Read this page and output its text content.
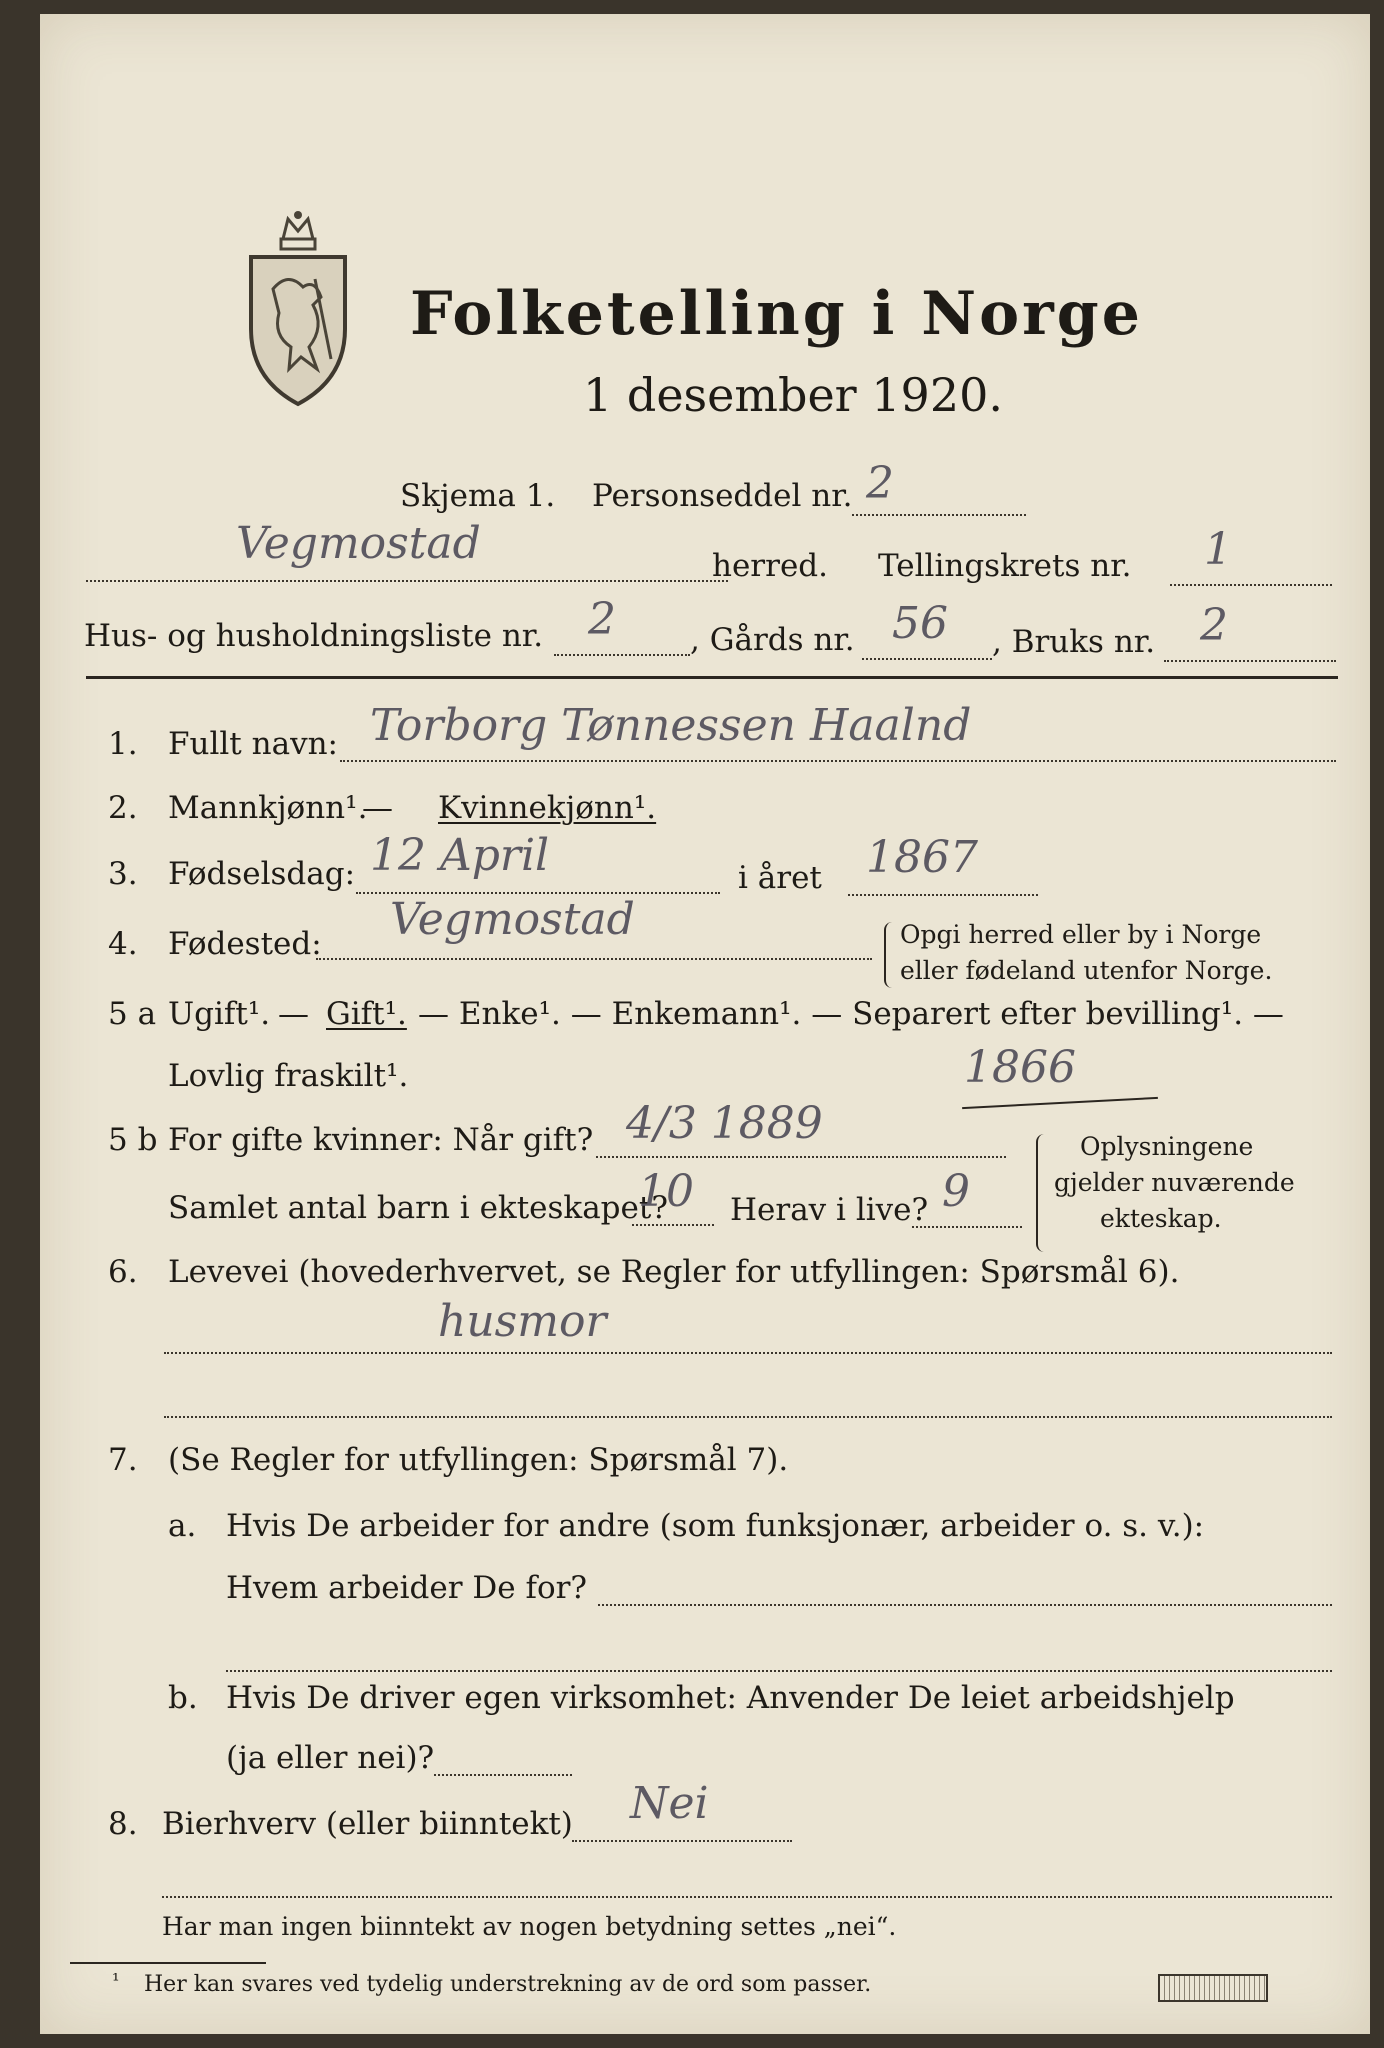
Folketelling i Norge
1 desember 1920.
Skjema 1. Personseddel nr. 2
Vegmostad	herred. Tellingskrets nr. 1
Hus- og husholdningsliste nr. 2 , Gårds nr. 56 , Bruks nr. 2
1. Fullt navn: Torborg Tønnessen Haalnd
2. Mannkjønn¹.
— Kvinnekjønn¹.
3. Fødselsdag: 12 April	i året 1867
4. Fødested: Vegmostad	Opgi herred eller by i Norge
eller fødeland utenfor Norge.
5 a Ugift¹. — Gift¹. — Enke¹. — Enkemann¹. — Separert efter bevilling¹. —
Lovlig fraskilt¹.	1866
5 b For gifte kvinner: Når gift? 4/3 1889
Samlet antal barn i ekteskapet?
10 Herav i live? 9
Oplysningene
gjelder nuværende
ekteskap.
6. Levevei (hovederhvervet, se Regler for utfyllingen: Spørsmål 6).
husmor
7. (Se Regler for utfyllingen: Spørsmål 7).
a. Hvis De arbeider for andre (som funksjonær, arbeider o. s. v.):
Hvem arbeider De for?
b. Hvis De driver egen virksomhet: Anvender De leiet arbeidshjelp
(ja eller nei)?
8. Bierhverv (eller biinntekt) Nei
Har man ingen biinntekt av nogen betydning settes „nei“.
¹ Her kan svares ved tydelig understrekning av de ord som passer.
